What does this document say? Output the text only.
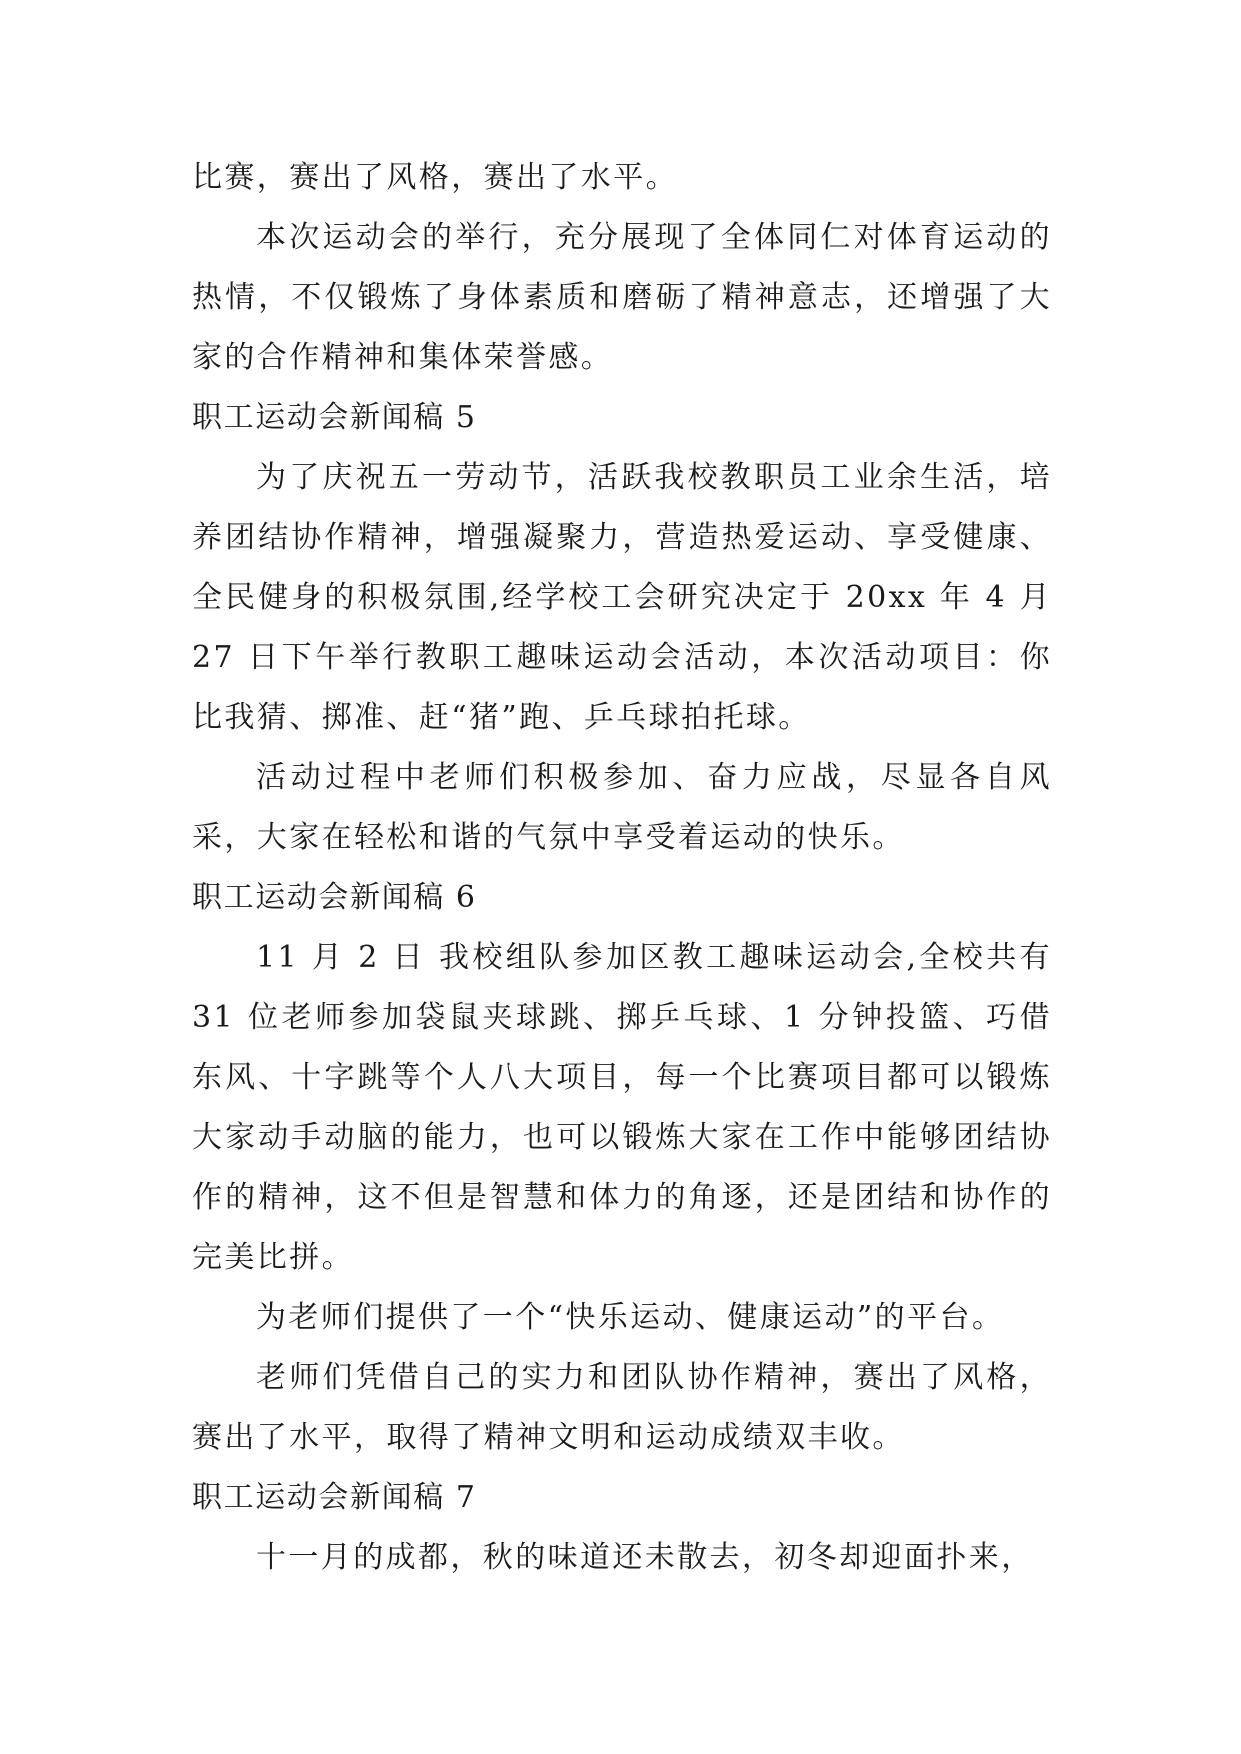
比赛，赛出了风格，赛出了水平。

本次运动会的举行，充分展现了全体同仁对体育运动的热情，不仅锻炼了身体素质和磨砺了精神意志，还增强了大家的合作精神和集体荣誉感。

职工运动会新闻稿 5

为了庆祝五一劳动节，活跃我校教职员工业余生活，培养团结协作精神，增强凝聚力，营造热爱运动、享受健康、全民健身的积极氛围,经学校工会研究决定于 20xx 年 4 月 27 日下午举行教职工趣味运动会活动，本次活动项目：你比我猜、掷准、赶“猪”跑、乒乓球拍托球。

活动过程中老师们积极参加、奋力应战，尽显各自风采，大家在轻松和谐的气氛中享受着运动的快乐。

职工运动会新闻稿 6

11 月 2 日 我校组队参加区教工趣味运动会,全校共有 31 位老师参加袋鼠夹球跳、掷乒乓球、1 分钟投篮、巧借东风、十字跳等个人八大项目，每一个比赛项目都可以锻炼大家动手动脑的能力，也可以锻炼大家在工作中能够团结协作的精神，这不但是智慧和体力的角逐，还是团结和协作的完美比拼。

为老师们提供了一个“快乐运动、健康运动”的平台。

老师们凭借自己的实力和团队协作精神，赛出了风格，赛出了水平，取得了精神文明和运动成绩双丰收。

职工运动会新闻稿 7

十一月的成都，秋的味道还未散去，初冬却迎面扑来，
